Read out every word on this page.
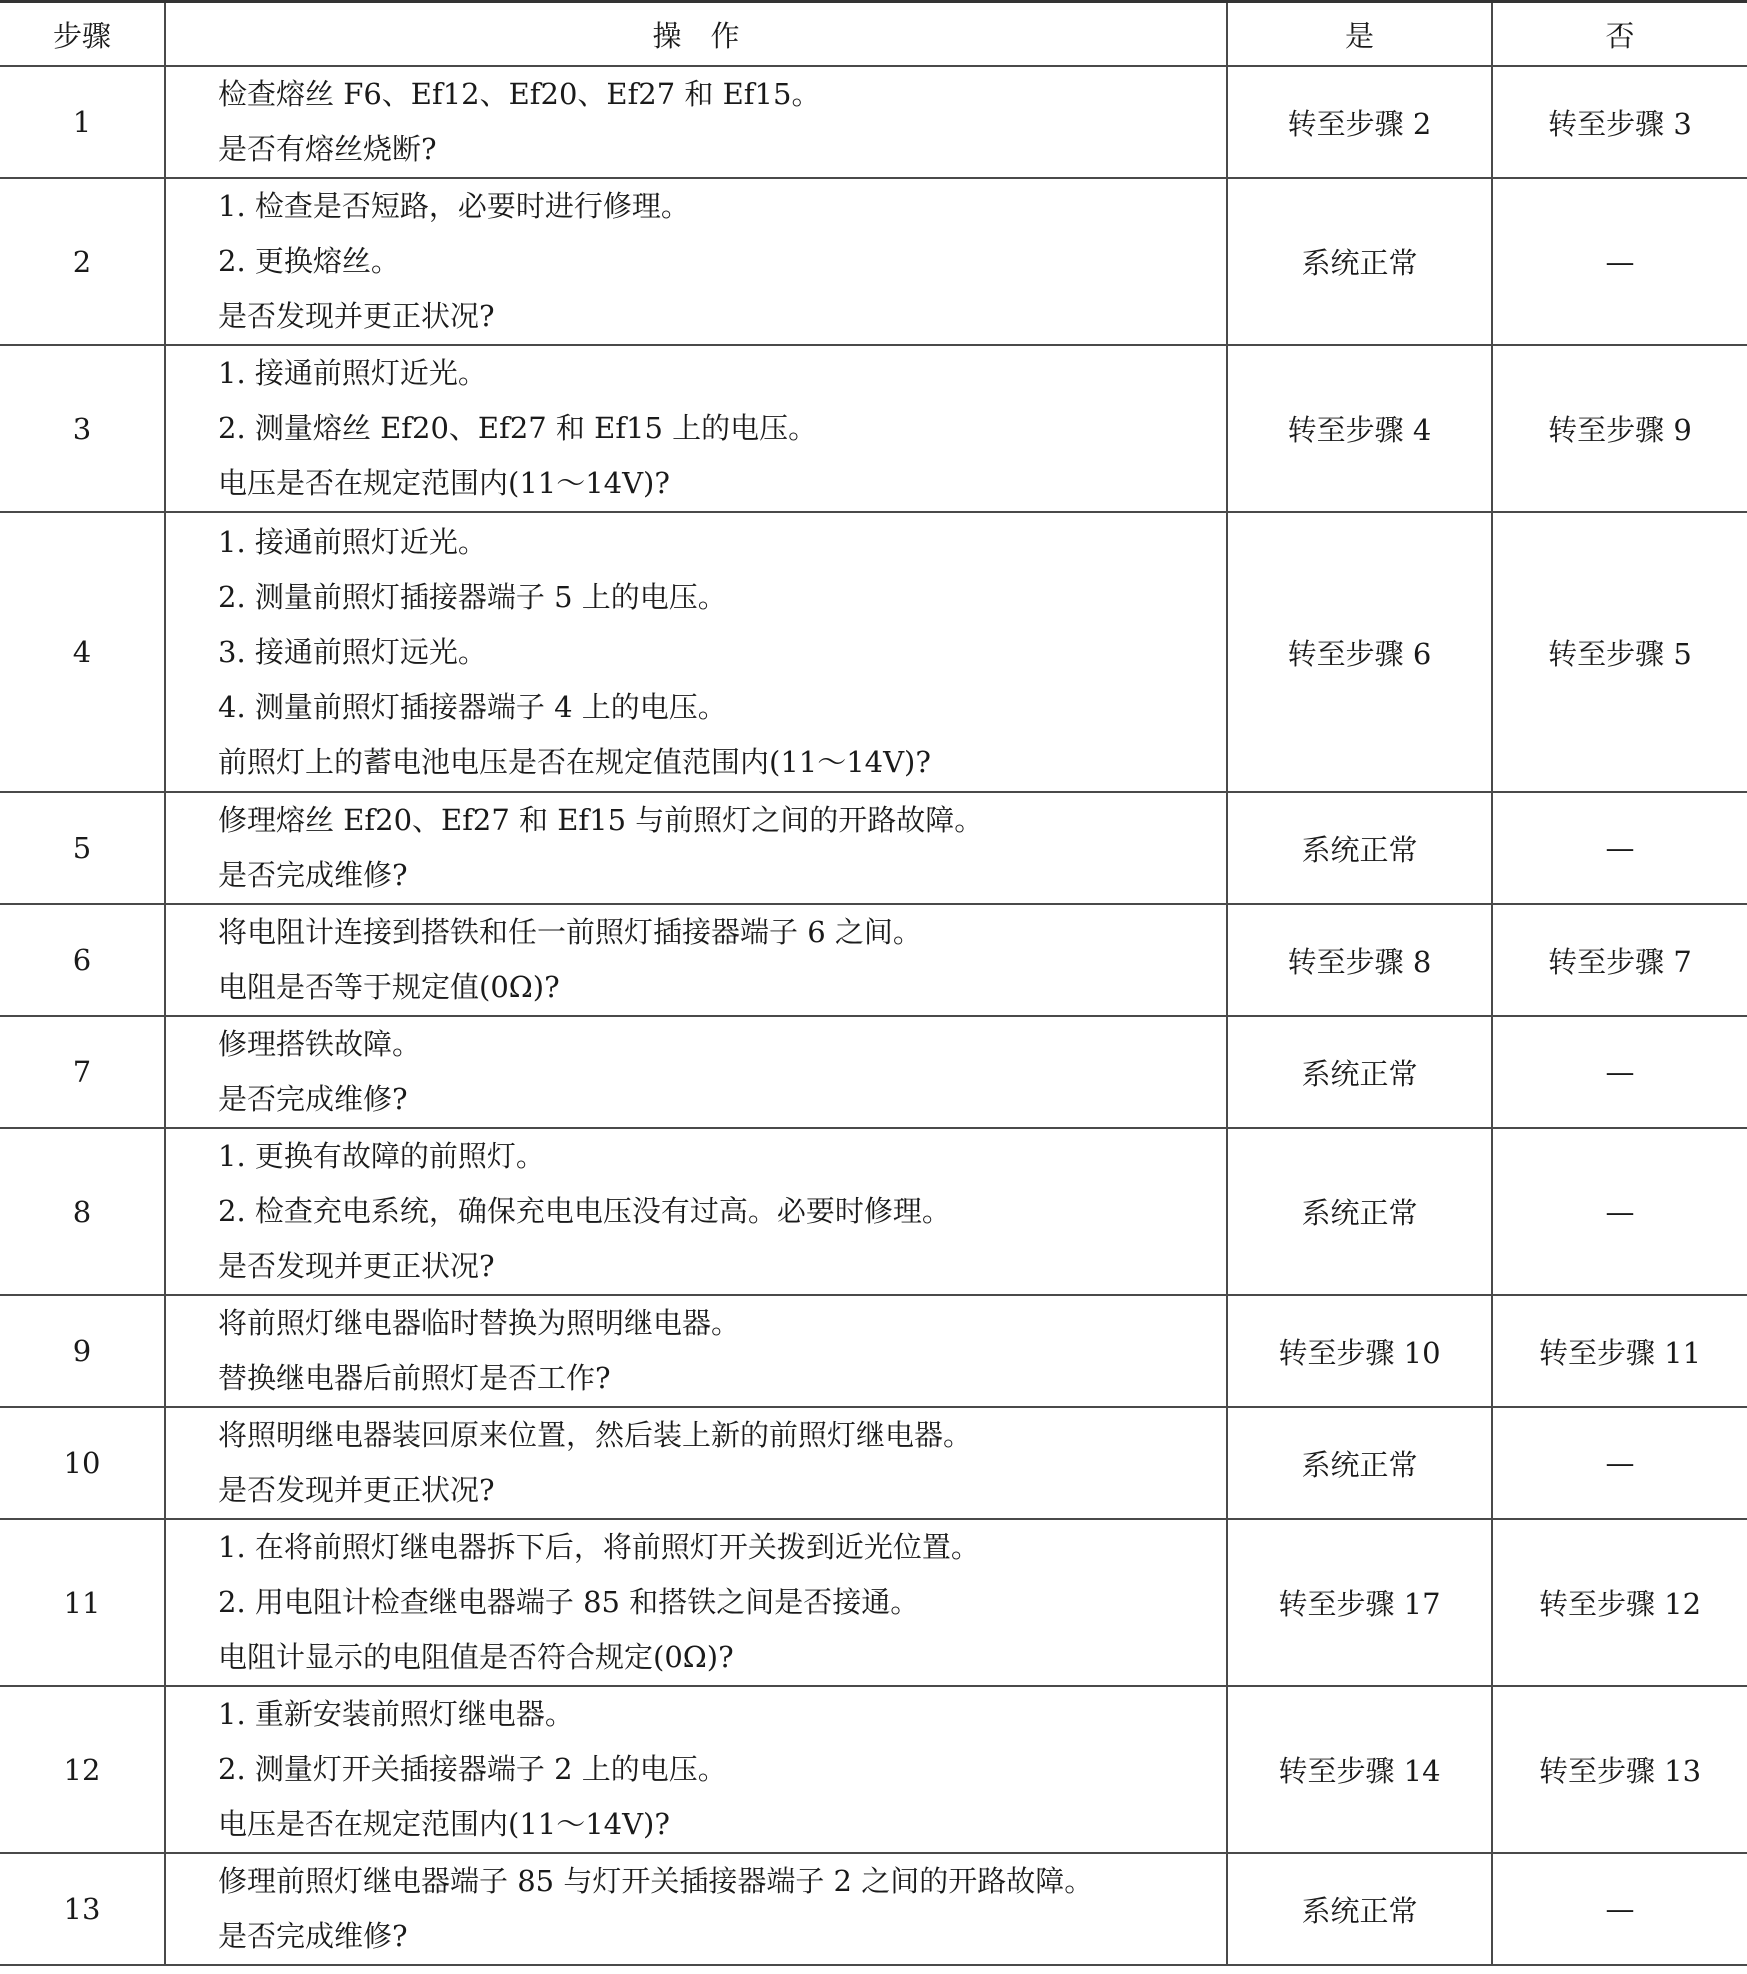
步骤	操　作	是	否
1	检查熔丝 F6、Ef12、Ef20、Ef27 和 Ef15。
是否有熔丝烧断?	转至步骤 2	转至步骤 3
2	1. 检查是否短路，必要时进行修理。
2. 更换熔丝。
是否发现并更正状况?	系统正常	—
3	1. 接通前照灯近光。
2. 测量熔丝 Ef20、Ef27 和 Ef15 上的电压。
电压是否在规定范围内(11～14V)?	转至步骤 4	转至步骤 9
4	1. 接通前照灯近光。
2. 测量前照灯插接器端子 5 上的电压。
3. 接通前照灯远光。
4. 测量前照灯插接器端子 4 上的电压。
前照灯上的蓄电池电压是否在规定值范围内(11～14V)?	转至步骤 6	转至步骤 5
5	修理熔丝 Ef20、Ef27 和 Ef15 与前照灯之间的开路故障。
是否完成维修?	系统正常	—
6	将电阻计连接到搭铁和任一前照灯插接器端子 6 之间。
电阻是否等于规定值(0Ω)?	转至步骤 8	转至步骤 7
7	修理搭铁故障。
是否完成维修?	系统正常	—
8	1. 更换有故障的前照灯。
2. 检查充电系统，确保充电电压没有过高。必要时修理。
是否发现并更正状况?	系统正常	—
9	将前照灯继电器临时替换为照明继电器。
替换继电器后前照灯是否工作?	转至步骤 10	转至步骤 11
10	将照明继电器装回原来位置，然后装上新的前照灯继电器。
是否发现并更正状况?	系统正常	—
11	1. 在将前照灯继电器拆下后，将前照灯开关拨到近光位置。
2. 用电阻计检查继电器端子 85 和搭铁之间是否接通。
电阻计显示的电阻值是否符合规定(0Ω)?	转至步骤 17	转至步骤 12
12	1. 重新安装前照灯继电器。
2. 测量灯开关插接器端子 2 上的电压。
电压是否在规定范围内(11～14V)?	转至步骤 14	转至步骤 13
13	修理前照灯继电器端子 85 与灯开关插接器端子 2 之间的开路故障。
是否完成维修?	系统正常	—
